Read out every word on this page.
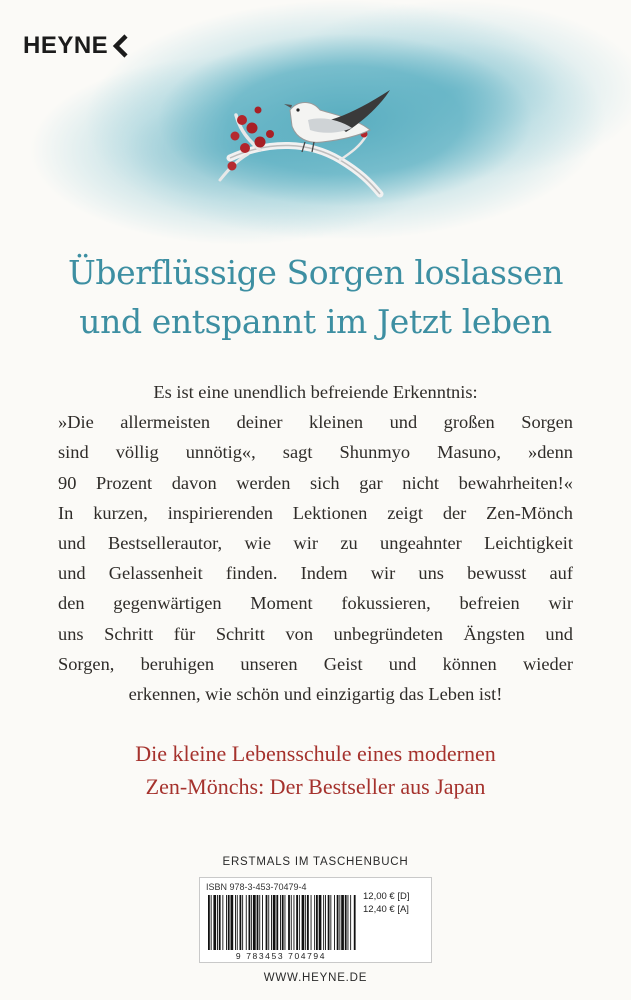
HEYNE
Überflüssige Sorgen loslassen
und entspannt im Jetzt leben
Es ist eine unendlich befreiende Erkenntnis:
»Die allermeisten deiner kleinen und großen Sorgen
sind völlig unnötig«, sagt Shunmyo Masuno, »denn
90 Prozent davon werden sich gar nicht bewahrheiten!«
In kurzen, inspirierenden Lektionen zeigt der Zen-Mönch
und Bestsellerautor, wie wir zu ungeahnter Leichtigkeit
und Gelassenheit finden. Indem wir uns bewusst auf
den gegenwärtigen Moment fokussieren, befreien wir
uns Schritt für Schritt von unbegründeten Ängsten und
Sorgen, beruhigen unseren Geist und können wieder
erkennen, wie schön und einzigartig das Leben ist!
Die kleine Lebensschule eines modernen
Zen-Mönchs: Der Bestseller aus Japan
ERSTMALS IM TASCHENBUCH
ISBN 978-3-453-70479-4
9 783453 704794
12,00 € [D]
12,40 € [A]
WWW.HEYNE.DE
